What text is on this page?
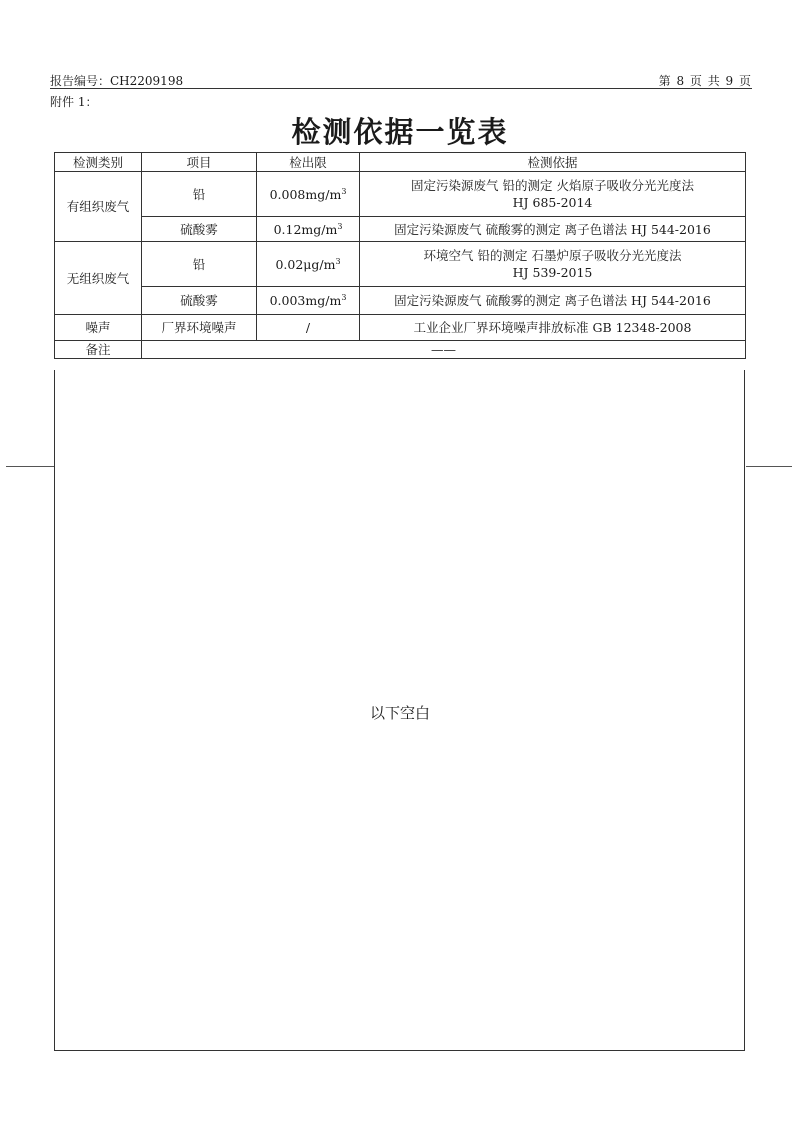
报告编号：CH2209198	第 8 页 共 9 页
附件 1：
检测依据一览表
检测类别	项目	检出限	检测依据
有组织废气	铅	$0.008mg/m^3$	固定污染源废气 铅的测定 火焰原子吸收分光光度法
HJ 685-2014

	硫酸雾	$0.12mg/m^3$	固定污染源废气 硫酸雾的测定 离子色谱法 HJ 544-2016
无组织废气	铅	$0.02\mu g/m^3$	环境空气 铅的测定 石墨炉原子吸收分光光度法
HJ 539-2015

	硫酸雾	$0.003mg/m^3$	固定污染源废气 硫酸雾的测定 离子色谱法 HJ 544-2016
噪声	厂界环境噪声	/	工业企业厂界环境噪声排放标准 GB 12348-2008
备注	——		
以下空白
